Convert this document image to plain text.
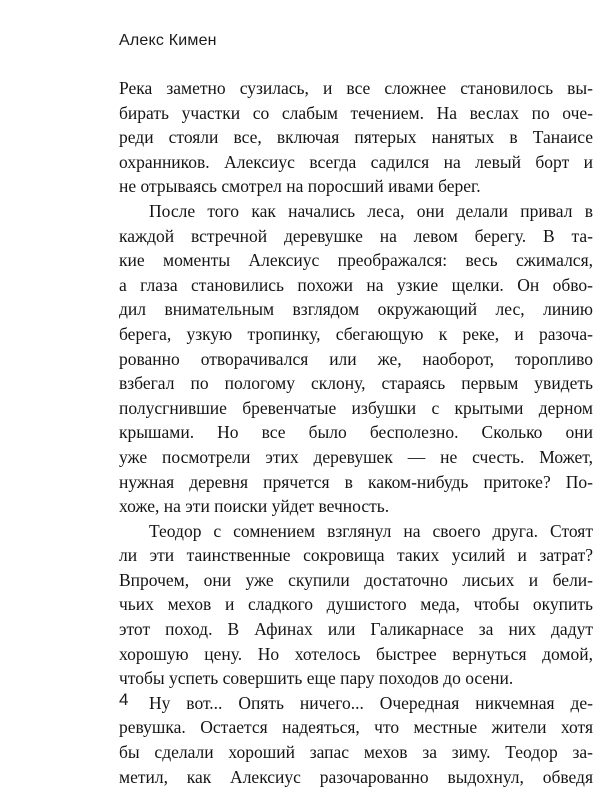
Алекс Кимен

Река заметно сузилась, и все сложнее становилось вы-
бирать участки со слабым течением. На веслах по оче-
реди стояли все, включая пятерых нанятых в Танаисе
охранников. Алексиус всегда садился на левый борт и
не отрываясь смотрел на поросший ивами берег.

После того как начались леса, они делали привал в
каждой встречной деревушке на левом берегу. В та-
кие моменты Алексиус преображался: весь сжимался,
а глаза становились похожи на узкие щелки. Он обво-
дил внимательным взглядом окружающий лес, линию
берега, узкую тропинку, сбегающую к реке, и разоча-
рованно отворачивался или же, наоборот, торопливо
взбегал по пологому склону, стараясь первым увидеть
полусгнившие бревенчатые избушки с крытыми дерном
крышами. Но все было бесполезно. Сколько они
уже посмотрели этих деревушек — не счесть. Может,
нужная деревня прячется в каком-нибудь притоке? По-
хоже, на эти поиски уйдет вечность.

Теодор с сомнением взглянул на своего друга. Стоят
ли эти таинственные сокровища таких усилий и затрат?
Впрочем, они уже скупили достаточно лисьих и бели-
чьих мехов и сладкого душистого меда, чтобы окупить
этот поход. В Афинах или Галикарнасе за них дадут
хорошую цену. Но хотелось быстрее вернуться домой,
чтобы успеть совершить еще пару походов до осени.

Ну вот... Опять ничего... Очередная никчемная де-
ревушка. Остается надеяться, что местные жители хотя
бы сделали хороший запас мехов за зиму. Теодор за-
метил, как Алексиус разочарованно выдохнул, обведя

4
